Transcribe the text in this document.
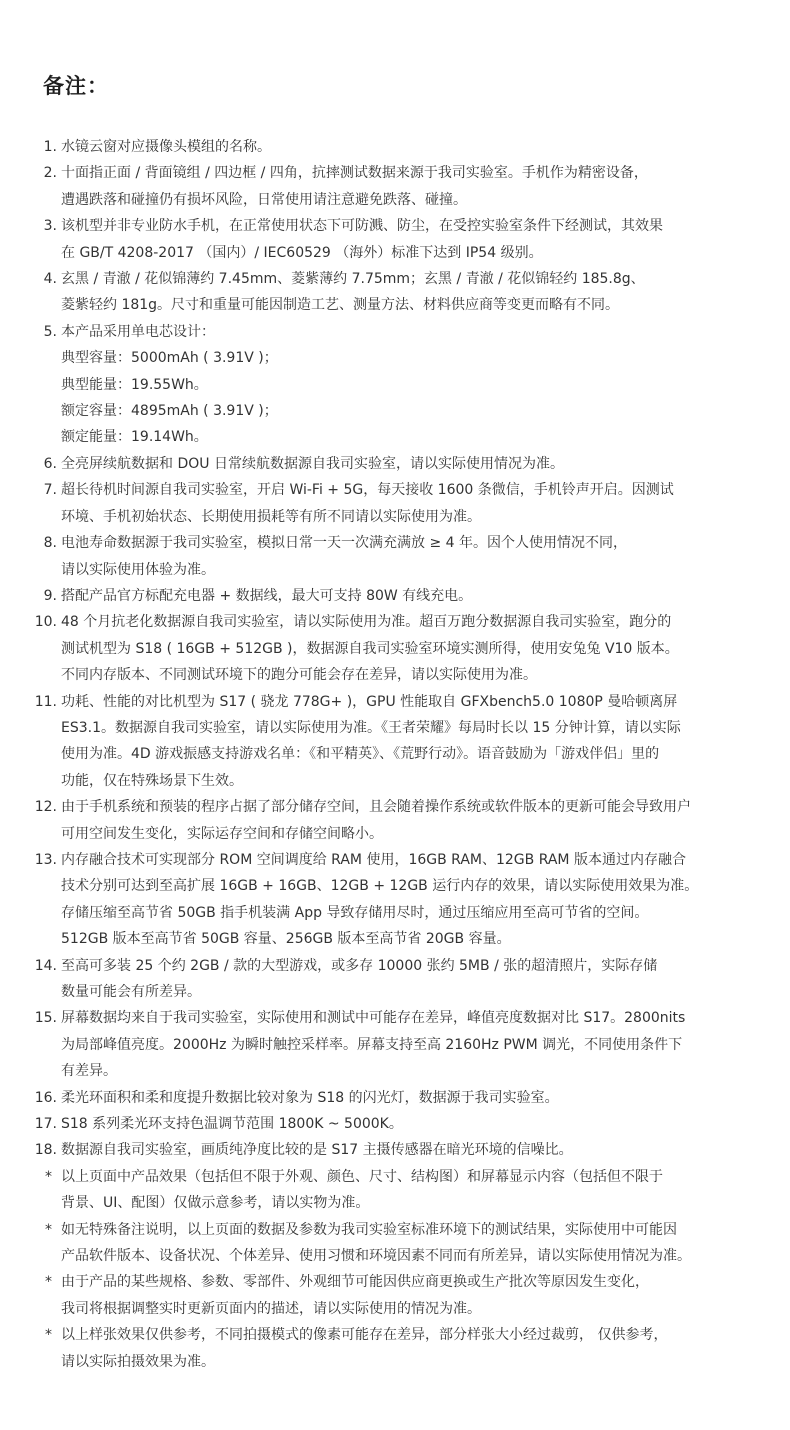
备注：
1. 水镜云窗对应摄像头模组的名称。
2. 十面指正面 / 背面镜组 / 四边框 / 四角，抗摔测试数据来源于我司实验室。手机作为精密设备，
遭遇跌落和碰撞仍有损坏风险，日常使用请注意避免跌落、碰撞。
3. 该机型并非专业防水手机，在正常使用状态下可防溅、防尘，在受控实验室条件下经测试，其效果
在 GB/T 4208-2017 （国内）/ IEC60529 （海外）标准下达到 IP54 级别。
4. 玄黑 / 青澈 / 花似锦薄约 7.45mm、菱紫薄约 7.75mm；玄黑 / 青澈 / 花似锦轻约 185.8g、
菱紫轻约 181g。尺寸和重量可能因制造工艺、测量方法、材料供应商等变更而略有不同。
5. 本产品采用单电芯设计：
典型容量：5000mAh ( 3.91V )；
典型能量：19.55Wh。
额定容量：4895mAh ( 3.91V )；
额定能量：19.14Wh。
6. 全亮屏续航数据和 DOU 日常续航数据源自我司实验室，请以实际使用情况为准。
7. 超长待机时间源自我司实验室，开启 Wi-Fi + 5G，每天接收 1600 条微信，手机铃声开启。因测试
环境、手机初始状态、长期使用损耗等有所不同请以实际使用为准。
8. 电池寿命数据源于我司实验室，模拟日常一天一次满充满放 ≥ 4 年。因个人使用情况不同，
请以实际使用体验为准。
9. 搭配产品官方标配充电器 + 数据线，最大可支持 80W 有线充电。
10. 48 个月抗老化数据源自我司实验室，请以实际使用为准。超百万跑分数据源自我司实验室，跑分的
测试机型为 S18 ( 16GB + 512GB )，数据源自我司实验室环境实测所得，使用安兔兔 V10 版本。
不同内存版本、不同测试环境下的跑分可能会存在差异，请以实际使用为准。
11. 功耗、性能的对比机型为 S17 ( 骁龙 778G+ )，GPU 性能取自 GFXbench5.0 1080P 曼哈顿离屏
ES3.1。数据源自我司实验室，请以实际使用为准。《王者荣耀》每局时长以 15 分钟计算，请以实际
使用为准。4D 游戏振感支持游戏名单：《和平精英》、《荒野行动》。语音鼓励为「游戏伴侣」里的
功能，仅在特殊场景下生效。
12. 由于手机系统和预装的程序占据了部分储存空间，且会随着操作系统或软件版本的更新可能会导致用户
可用空间发生变化，实际运存空间和存储空间略小。
13. 内存融合技术可实现部分 ROM 空间调度给 RAM 使用，16GB RAM、12GB RAM 版本通过内存融合
技术分别可达到至高扩展 16GB + 16GB、12GB + 12GB 运行内存的效果，请以实际使用效果为准。
存储压缩至高节省 50GB 指手机装满 App 导致存储用尽时，通过压缩应用至高可节省的空间。
512GB 版本至高节省 50GB 容量、256GB 版本至高节省 20GB 容量。
14. 至高可多装 25 个约 2GB / 款的大型游戏，或多存 10000 张约 5MB / 张的超清照片，实际存储
数量可能会有所差异。
15. 屏幕数据均来自于我司实验室，实际使用和测试中可能存在差异，峰值亮度数据对比 S17。2800nits
为局部峰值亮度。2000Hz 为瞬时触控采样率。屏幕支持至高 2160Hz PWM 调光，不同使用条件下
有差异。
16. 柔光环面积和柔和度提升数据比较对象为 S18 的闪光灯，数据源于我司实验室。
17. S18 系列柔光环支持色温调节范围 1800K ~ 5000K。
18. 数据源自我司实验室，画质纯净度比较的是 S17 主摄传感器在暗光环境的信噪比。
* 以上页面中产品效果（包括但不限于外观、颜色、尺寸、结构图）和屏幕显示内容（包括但不限于
背景、UI、配图）仅做示意参考，请以实物为准。
* 如无特殊备注说明，以上页面的数据及参数为我司实验室标准环境下的测试结果，实际使用中可能因
产品软件版本、设备状况、个体差异、使用习惯和环境因素不同而有所差异，请以实际使用情况为准。
* 由于产品的某些规格、参数、零部件、外观细节可能因供应商更换或生产批次等原因发生变化，
我司将根据调整实时更新页面内的描述，请以实际使用的情况为准。
* 以上样张效果仅供参考，不同拍摄模式的像素可能存在差异，部分样张大小经过裁剪， 仅供参考，
请以实际拍摄效果为准。
